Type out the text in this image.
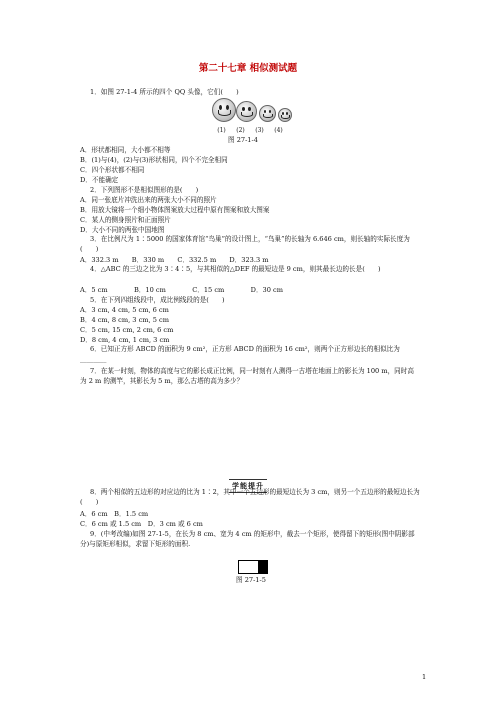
第二十七章 相似测试题
1．如图 27-1-4 所示的四个 QQ 头像，它们(　　)
(1) (2) (3) (4)
图 27-1-4
A．形状都相同，大小都不相等
B．(1)与(4)，(2)与(3)形状相同，四个不完全相同
C．四个形状都不相同
D．不能确定
2．下列图形不是相似图形的是(　　)
A．同一张底片冲洗出来的两张大小不同的照片
B．用放大镜将一个细小物体图案放大过程中原有图案和放大图案
C．某人的侧身照片和正面照片
D．大小不同的两张中国地图
3．在比例尺为 1∶5000 的国家体育馆“鸟巢”的设计图上，“鸟巢”的长轴为 6.646 cm，则长轴的实际长度为(　　)
A．332.3 m　　B．330 m　　C．332.5 m　　D．323.3 m
4．△ABC 的三边之比为 3∶4∶5，与其相似的△DEF 的最短边是 9 cm，则其最长边的长是(　　)
A．5 cm　　　　B．10 cm　　　　C．15 cm　　　　D．30 cm
5．在下列四组线段中，成比例线段的是(　　)
A．3 cm, 4 cm, 5 cm, 6 cm
B．4 cm, 8 cm, 3 cm, 5 cm
C．5 cm, 15 cm, 2 cm, 6 cm
D．8 cm, 4 cm, 1 cm, 3 cm
6．已知正方形 ABCD 的面积为 9 cm²，正方形 ABCD 的面积为 16 cm²，则两个正方形边长的相似比为________
7．在某一时刻，物体的高度与它的影长成正比例，同一时刻有人测得一古塔在地面上的影长为 100 m，同时高为 2 m 的测竿，其影长为 5 m，那么古塔的高为多少？
学能提升
8．两个相似的五边形的对应边的比为 1∶2，其中一个五边形的最短边长为 3 cm，则另一个五边形的最短边长为(　　)
A．6 cm　B．1.5 cm
C．6 cm 或 1.5 cm　D．3 cm 或 6 cm
9．(中考改编)如图 27-1-5，在长为 8 cm、宽为 4 cm 的矩形中，截去一个矩形，使得留下的矩形(图中阴影部分)与原矩形相似，求留下矩形的面积.
图 27-1-5
1
